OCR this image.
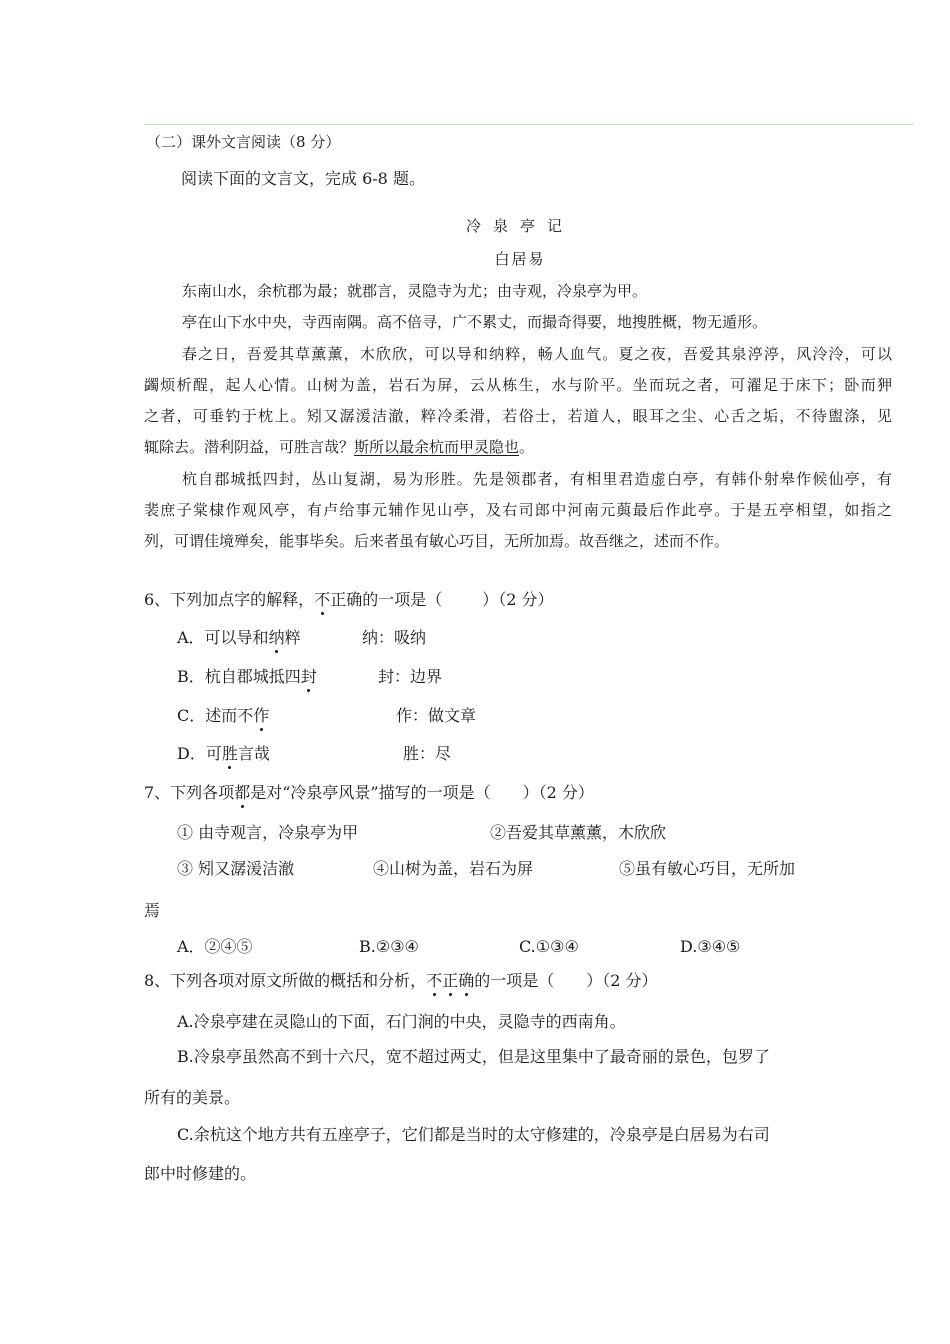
（二）课外文言阅读（8 分）
阅读下面的文言文，完成 6-8 题。
冷泉亭记
白居易
东南山水，余杭郡为最；就郡言，灵隐寺为尤；由寺观，冷泉亭为甲。
亭在山下水中央，寺西南隅。高不倍寻，广不累丈，而撮奇得要，地搜胜概，物无遁形。
春之日，吾爱其草薰薰，木欣欣，可以导和纳粹，畅人血气。夏之夜，吾爱其泉渟渟，风泠泠，可以
蠲烦析酲，起人心情。山树为盖，岩石为屏，云从栋生，水与阶平。坐而玩之者，可濯足于床下；卧而狎
之者，可垂钓于枕上。矧又潺湲洁澈，粹冷柔滑，若俗士，若道人，眼耳之尘、心舌之垢，不待盥涤，见
辄除去。潜利阴益，可胜言哉？斯所以最余杭而甲灵隐也。
杭自郡城抵四封，丛山复湖，易为形胜。先是领郡者，有相里君造虚白亭，有韩仆射皋作候仙亭，有
裴庶子棠棣作观风亭，有卢给事元辅作见山亭，及右司郎中河南元藇最后作此亭。于是五亭相望，如指之
列，可谓佳境殚矣，能事毕矣。后来者虽有敏心巧目，无所加焉。故吾继之，述而不作。
6、下列加点字的解释，不正确的一项是（	）（2 分）
A．可以导和纳粹	纳：吸纳
B．杭自郡城抵四封	封：边界
C．述而不作	作：做文章
D．可胜言哉	胜：尽
7、下列各项都是对“冷泉亭风景”描写的一项是（　　）（2 分）
① 由寺观言，冷泉亭为甲	②吾爱其草薰薰，木欣欣
③ 矧又潺湲洁澈	④山树为盖，岩石为屏	⑤虽有敏心巧目，无所加
焉
A．②④⑤	B.②③④	C.①③④	D.③④⑤
8、下列各项对原文所做的概括和分析，不正确的一项是（　　）（2 分）
A.冷泉亭建在灵隐山的下面，石门涧的中央，灵隐寺的西南角。
B.冷泉亭虽然高不到十六尺，宽不超过两丈，但是这里集中了最奇丽的景色，包罗了
所有的美景。
C.余杭这个地方共有五座亭子，它们都是当时的太守修建的，冷泉亭是白居易为右司
郎中时修建的。
